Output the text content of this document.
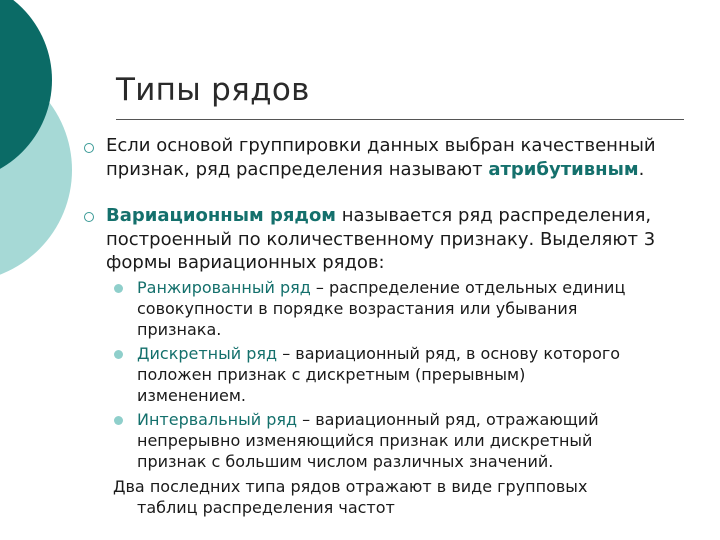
Типы рядов
Если основой группировки данных выбран качественный признак, ряд распределения называют атрибутивным.
Вариационным рядом называется ряд распределения, построенный по количественному признаку. Выделяют 3 формы вариационных рядов:
Ранжированный ряд – распределение отдельных единиц
совокупности в порядке возрастания или убывания
признака.
Дискретный ряд – вариационный ряд, в основу которого
положен признак с дискретным (прерывным)
изменением.
Интервальный ряд – вариационный ряд, отражающий
непрерывно изменяющийся признак или дискретный
признак с большим числом различных значений.
Два последних типа рядов отражают в виде групповых
таблиц распределения частот
